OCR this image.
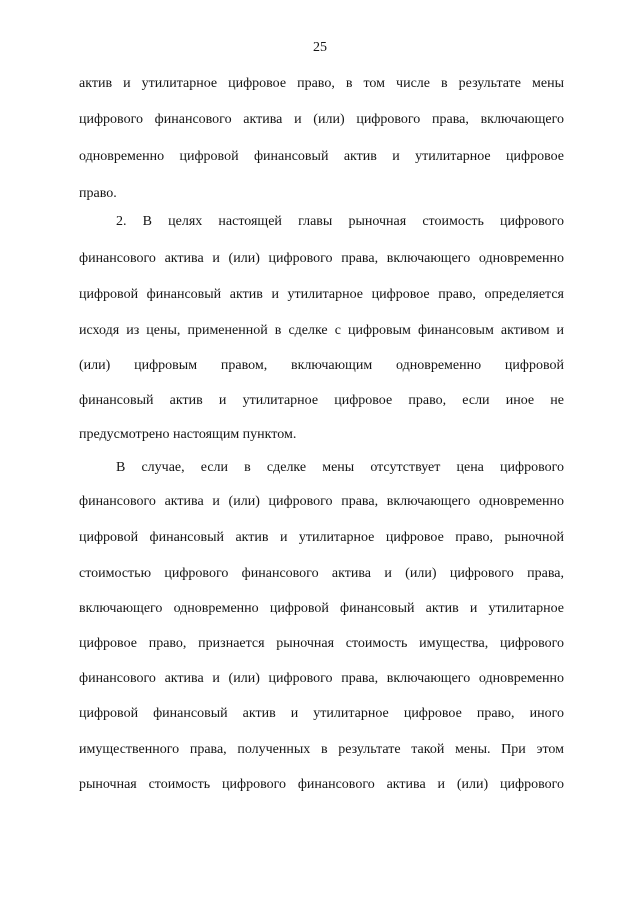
25
актив и утилитарное цифровое право, в том числе в результате мены
цифрового финансового актива и (или) цифрового права, включающего
одновременно цифровой финансовый актив и утилитарное цифровое
право.
2. В целях настоящей главы рыночная стоимость цифрового
финансового актива и (или) цифрового права, включающего одновременно
цифровой финансовый актив и утилитарное цифровое право, определяется
исходя из цены, примененной в сделке с цифровым финансовым активом и
(или) цифровым правом, включающим одновременно цифровой
финансовый актив и утилитарное цифровое право, если иное не
предусмотрено настоящим пунктом.
В случае, если в сделке мены отсутствует цена цифрового
финансового актива и (или) цифрового права, включающего одновременно
цифровой финансовый актив и утилитарное цифровое право, рыночной
стоимостью цифрового финансового актива и (или) цифрового права,
включающего одновременно цифровой финансовый актив и утилитарное
цифровое право, признается рыночная стоимость имущества, цифрового
финансового актива и (или) цифрового права, включающего одновременно
цифровой финансовый актив и утилитарное цифровое право, иного
имущественного права, полученных в результате такой мены. При этом
рыночная стоимость цифрового финансового актива и (или) цифрового
